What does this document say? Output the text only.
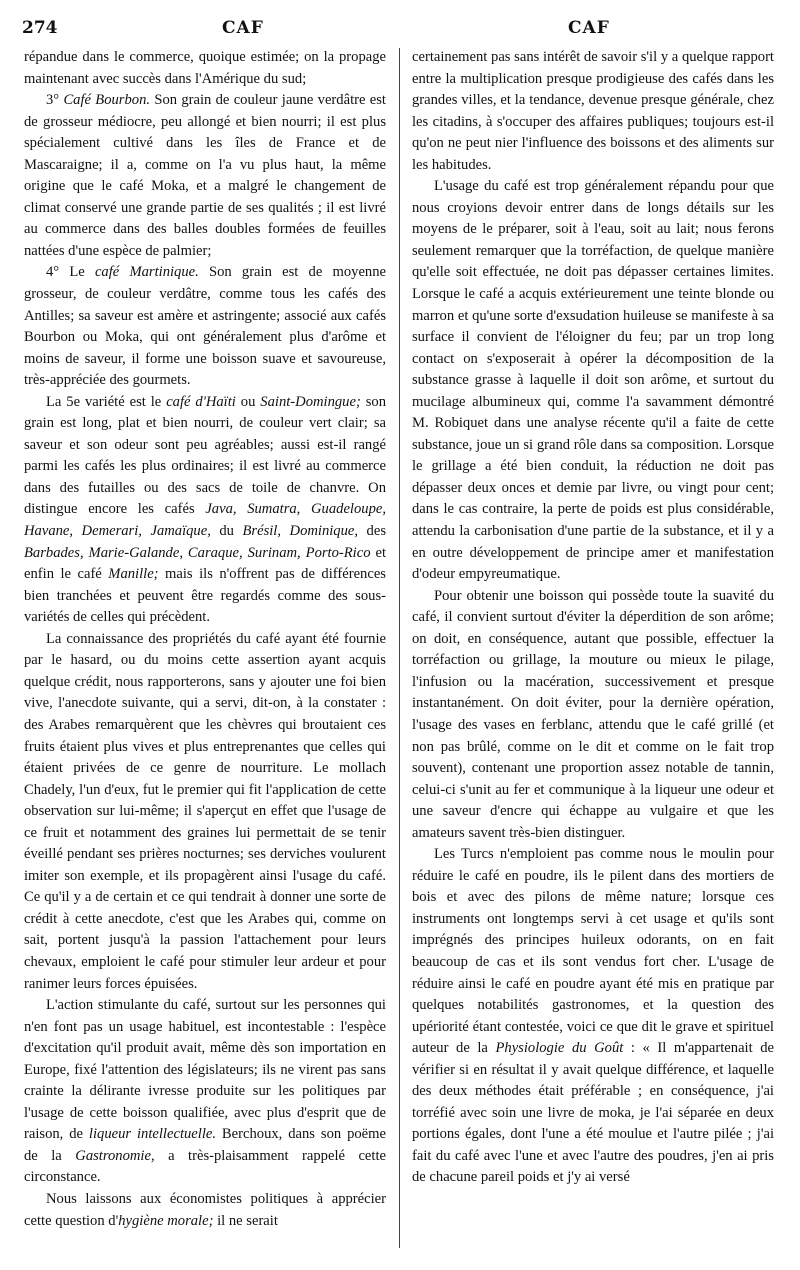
274	CAF	CAF

répandue dans le commerce, quoique estimée; on la propage maintenant avec succès dans l'Amérique du sud;

3° Café Bourbon. Son grain de couleur jaune verdâtre est de grosseur médiocre, peu allongé et bien nourri; il est plus spécialement cultivé dans les îles de France et de Mascaraigne; il a, comme on l'a vu plus haut, la même origine que le café Moka, et a malgré le changement de climat conservé une grande partie de ses qualités ; il est livré au commerce dans des balles doubles formées de feuilles nattées d'une espèce de palmier;

4° Le café Martinique. Son grain est de moyenne grosseur, de couleur verdâtre, comme tous les cafés des Antilles; sa saveur est amère et astringente; associé aux cafés Bourbon ou Moka, qui ont généralement plus d'arôme et moins de saveur, il forme une boisson suave et savoureuse, très-appréciée des gourmets.

La 5e variété est le café d'Haïti ou Saint-Domingue; son grain est long, plat et bien nourri, de couleur vert clair; sa saveur et son odeur sont peu agréables; aussi est-il rangé parmi les cafés les plus ordinaires; il est livré au commerce dans des futailles ou des sacs de toile de chanvre. On distingue encore les cafés Java, Sumatra, Guadeloupe, Havane, Demerari, Jamaïque, du Brésil, Dominique, des Barbades, Marie-Galande, Caraque, Surinam, Porto-Rico et enfin le café Manille; mais ils n'offrent pas de différences bien tranchées et peuvent être regardés comme des sous-variétés de celles qui précèdent.

La connaissance des propriétés du café ayant été fournie par le hasard, ou du moins cette assertion ayant acquis quelque crédit, nous rapporterons, sans y ajouter une foi bien vive, l'anecdote suivante, qui a servi, dit-on, à la constater : des Arabes remarquèrent que les chèvres qui broutaient ces fruits étaient plus vives et plus entreprenantes que celles qui étaient privées de ce genre de nourriture. Le mollach Chadely, l'un d'eux, fut le premier qui fit l'application de cette observation sur lui-même; il s'aperçut en effet que l'usage de ce fruit et notamment des graines lui permettait de se tenir éveillé pendant ses prières nocturnes; ses derviches voulurent imiter son exemple, et ils propagèrent ainsi l'usage du café. Ce qu'il y a de certain et ce qui tendrait à donner une sorte de crédit à cette anecdote, c'est que les Arabes qui, comme on sait, portent jusqu'à la passion l'attachement pour leurs chevaux, emploient le café pour stimuler leur ardeur et pour ranimer leurs forces épuisées.

L'action stimulante du café, surtout sur les personnes qui n'en font pas un usage habituel, est incontestable : l'espèce d'excitation qu'il produit avait, même dès son importation en Europe, fixé l'attention des législateurs; ils ne virent pas sans crainte la délirante ivresse produite sur les politiques par l'usage de cette boisson qualifiée, avec plus d'esprit que de raison, de liqueur intellectuelle. Berchoux, dans son poëme de la Gastronomie, a très-plaisamment rappelé cette circonstance.

Nous laissons aux économistes politiques à apprécier cette question d'hygiène morale; il ne serait

certainement pas sans intérêt de savoir s'il y a quelque rapport entre la multiplication presque prodigieuse des cafés dans les grandes villes, et la tendance, devenue presque générale, chez les citadins, à s'occuper des affaires publiques; toujours est-il qu'on ne peut nier l'influence des boissons et des aliments sur les habitudes.

L'usage du café est trop généralement répandu pour que nous croyions devoir entrer dans de longs détails sur les moyens de le préparer, soit à l'eau, soit au lait; nous ferons seulement remarquer que la torréfaction, de quelque manière qu'elle soit effectuée, ne doit pas dépasser certaines limites. Lorsque le café a acquis extérieurement une teinte blonde ou marron et qu'une sorte d'exsudation huileuse se manifeste à sa surface il convient de l'éloigner du feu; par un trop long contact on s'exposerait à opérer la décomposition de la substance grasse à laquelle il doit son arôme, et surtout du mucilage albumineux qui, comme l'a savamment démontré M. Robiquet dans une analyse récente qu'il a faite de cette substance, joue un si grand rôle dans sa composition. Lorsque le grillage a été bien conduit, la réduction ne doit pas dépasser deux onces et demie par livre, ou vingt pour cent; dans le cas contraire, la perte de poids est plus considérable, attendu la carbonisation d'une partie de la substance, et il y a en outre développement de principe amer et manifestation d'odeur empyreumatique.

Pour obtenir une boisson qui possède toute la suavité du café, il convient surtout d'éviter la déperdition de son arôme; on doit, en conséquence, autant que possible, effectuer la torréfaction ou grillage, la mouture ou mieux le pilage, l'infusion ou la macération, successivement et presque instantanément. On doit éviter, pour la dernière opération, l'usage des vases en ferblanc, attendu que le café grillé (et non pas brûlé, comme on le dit et comme on le fait trop souvent), contenant une proportion assez notable de tannin, celui-ci s'unit au fer et communique à la liqueur une odeur et une saveur d'encre qui échappe au vulgaire et que les amateurs savent très-bien distinguer.

Les Turcs n'emploient pas comme nous le moulin pour réduire le café en poudre, ils le pilent dans des mortiers de bois et avec des pilons de même nature; lorsque ces instruments ont longtemps servi à cet usage et qu'ils sont imprégnés des principes huileux odorants, on en fait beaucoup de cas et ils sont vendus fort cher. L'usage de réduire ainsi le café en poudre ayant été mis en pratique par quelques notabilités gastronomes, et la question des upériorité étant contestée, voici ce que dit le grave et spirituel auteur de la Physiologie du Goût : « Il m'appartenait de vérifier si en résultat il y avait quelque différence, et laquelle des deux méthodes était préférable ; en conséquence, j'ai torréfié avec soin une livre de moka, je l'ai séparée en deux portions égales, dont l'une a été moulue et l'autre pilée ; j'ai fait du café avec l'une et avec l'autre des poudres, j'en ai pris de chacune pareil poids et j'y ai versé
